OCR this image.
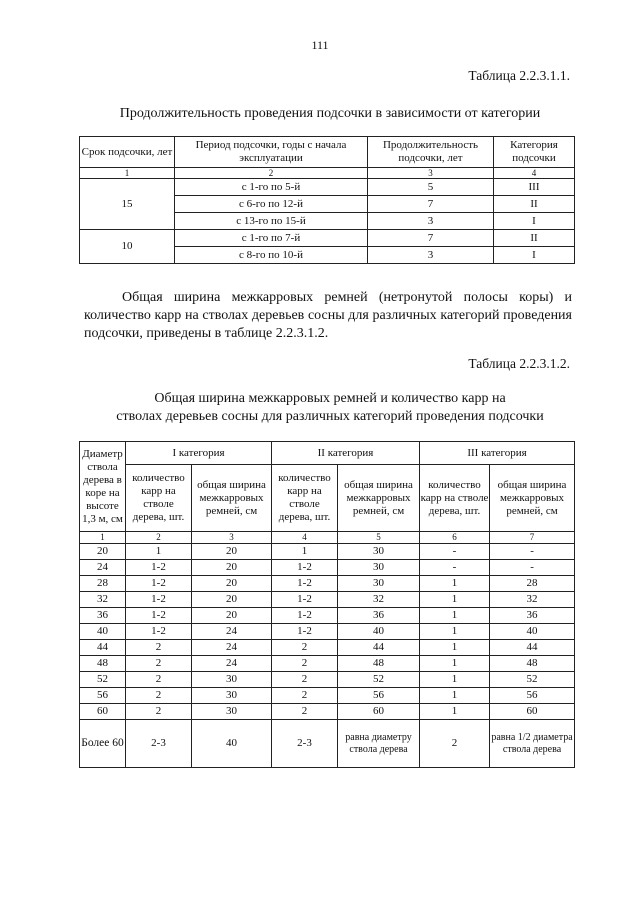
111
Таблица 2.2.3.1.1.
Продолжительность проведения подсочки в зависимости от категории
Срок подсочки, лет	Период подсочки, годы с начала эксплуатации	Продолжительность подсочки, лет	Категория подсочки
1	2	3	4
15	с 1-го по 5-й	5	III
	с 6-го по 12-й	7	II
	с 13-го по 15-й	3	I
10	с 1-го по 7-й	7	II
	с 8-го по 10-й	3	I
Общая ширина межкарровых ремней (нетронутой полосы коры) и количество карр на стволах деревьев сосны для различных категорий проведения подсочки, приведены в таблице 2.2.3.1.2.
Таблица 2.2.3.1.2.
Общая ширина межкарровых ремней и количество карр на
стволах деревьев сосны для различных категорий проведения подсочки
Диаметр ствола дерева в коре на высоте 1,3 м, см	I категория		II категория		III категория	
	количество карр на стволе дерева, шт.	общая ширина межкарровых ремней, см	количество карр на стволе дерева, шт.	общая ширина межкарровых ремней, см	количество карр на стволе дерева, шт.	общая ширина межкарровых ремней, см
1	2	3	4	5	6	7
20	1	20	1	30	-	-
24	1-2	20	1-2	30	-	-
28	1-2	20	1-2	30	1	28
32	1-2	20	1-2	32	1	32
36	1-2	20	1-2	36	1	36
40	1-2	24	1-2	40	1	40
44	2	24	2	44	1	44
48	2	24	2	48	1	48
52	2	30	2	52	1	52
56	2	30	2	56	1	56
60	2	30	2	60	1	60
Более 60	2-3	40	2-3	равна диаметру ствола дерева	2	равна 1/2 диаметра ствола дерева
